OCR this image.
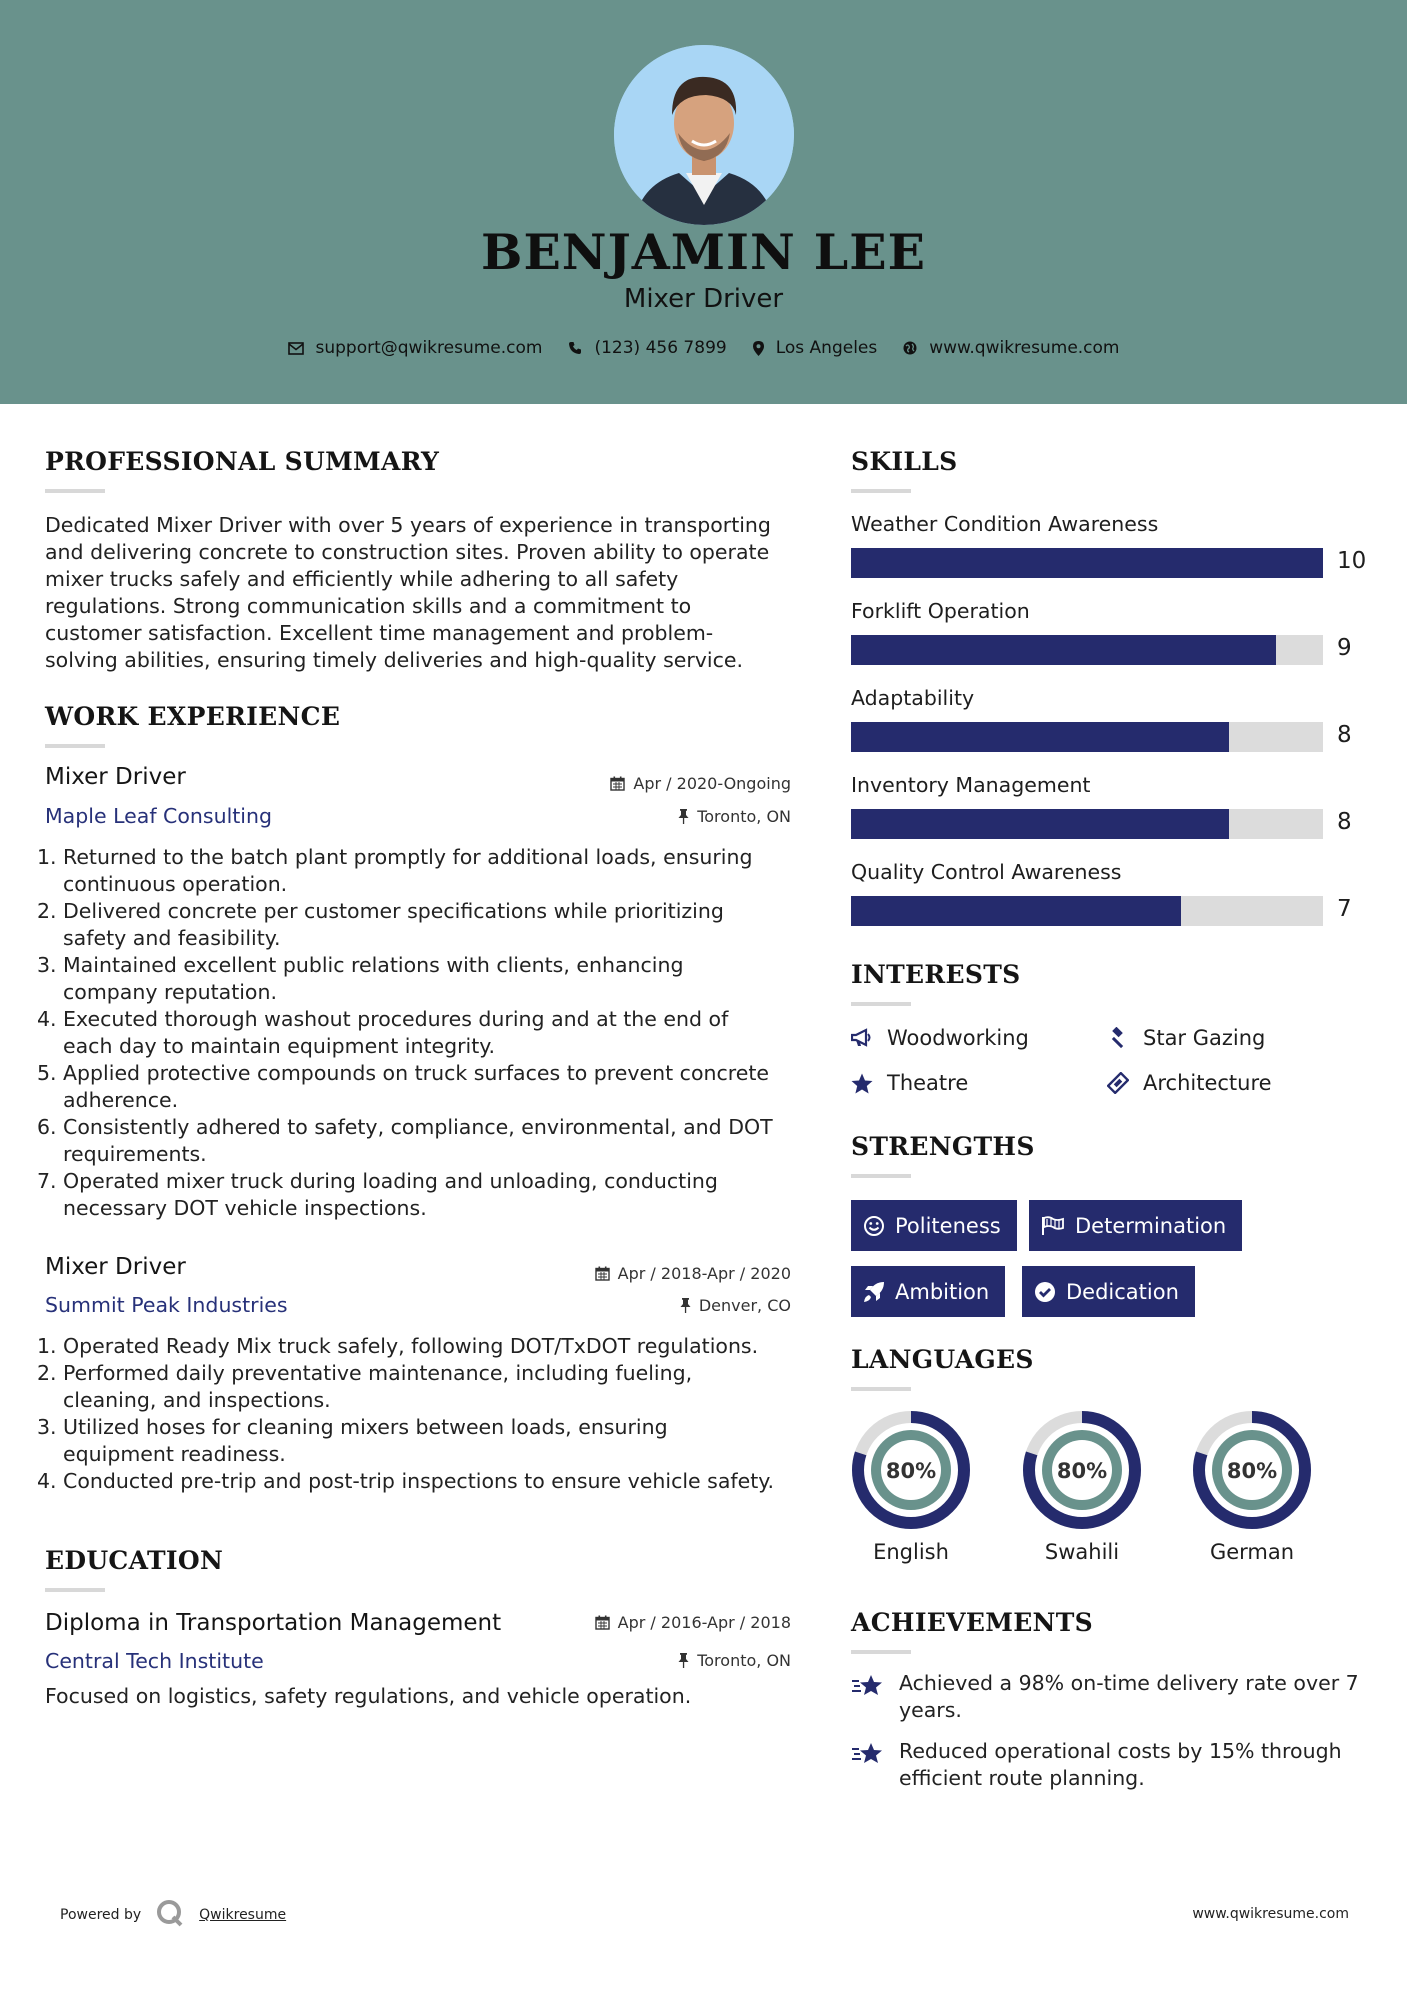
BENJAMIN LEE
Mixer Driver
support@qwikresume.com	(123) 456 7899	Los Angeles	www.qwikresume.com
PROFESSIONAL SUMMARY
Dedicated Mixer Driver with over 5 years of experience in transporting
and delivering concrete to construction sites. Proven ability to operate
mixer trucks safely and efficiently while adhering to all safety
regulations. Strong communication skills and a commitment to
customer satisfaction. Excellent time management and problem-
solving abilities, ensuring timely deliveries and high-quality service.
WORK EXPERIENCE
Mixer Driver	Apr / 2020-Ongoing
Maple Leaf Consulting	Toronto, ON
Returned to the batch plant promptly for additional loads, ensuring
continuous operation.
Delivered concrete per customer specifications while prioritizing
safety and feasibility.
Maintained excellent public relations with clients, enhancing
company reputation.
Executed thorough washout procedures during and at the end of
each day to maintain equipment integrity.
Applied protective compounds on truck surfaces to prevent concrete
adherence.
Consistently adhered to safety, compliance, environmental, and DOT
requirements.
Operated mixer truck during loading and unloading, conducting
necessary DOT vehicle inspections.
Mixer Driver	Apr / 2018-Apr / 2020
Summit Peak Industries	Denver, CO
Operated Ready Mix truck safely, following DOT/TxDOT regulations.
Performed daily preventative maintenance, including fueling,
cleaning, and inspections.
Utilized hoses for cleaning mixers between loads, ensuring
equipment readiness.
Conducted pre-trip and post-trip inspections to ensure vehicle safety.
EDUCATION
Diploma in Transportation Management	Apr / 2016-Apr / 2018
Central Tech Institute	Toronto, ON
Focused on logistics, safety regulations, and vehicle operation.
SKILLS
Weather Condition Awareness
10
Forklift Operation
9
Adaptability
8
Inventory Management
8
Quality Control Awareness
7
INTERESTS
Woodworking	Star Gazing
Theatre	Architecture
STRENGTHS
Politeness	Determination
Ambition	Dedication
LANGUAGES
80%
English
80%
Swahili
80%
German
ACHIEVEMENTS
Achieved a 98% on-time delivery rate over 7
years.
Reduced operational costs by 15% through
efficient route planning.
Powered by	Qwikresume	www.qwikresume.com
